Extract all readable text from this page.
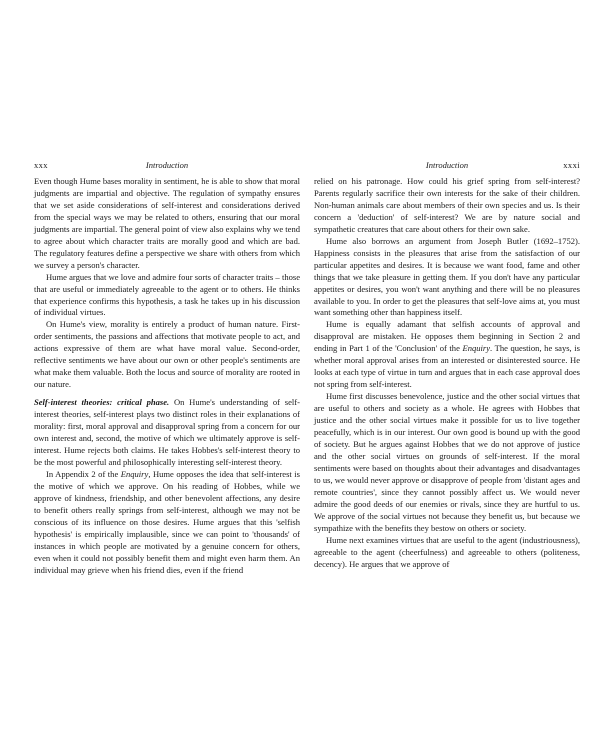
xxx	Introduction

Even though Hume bases morality in sentiment, he is able to show that moral judgments are impartial and objective. The regulation of sympathy ensures that we set aside considerations of self-interest and considerations derived from the special ways we may be related to others, ensuring that our moral judgments are impartial. The general point of view also explains why we tend to agree about which character traits are morally good and which are bad. The regulatory features define a perspective we share with others from which we survey a person's character.

Hume argues that we love and admire four sorts of character traits – those that are useful or immediately agreeable to the agent or to others. He thinks that experience confirms this hypothesis, a task he takes up in his discussion of individual virtues.

On Hume's view, morality is entirely a product of human nature. First-order sentiments, the passions and affections that motivate people to act, and actions expressive of them are what have moral value. Second-order, reflective sentiments we have about our own or other people's sentiments are what make them valuable. Both the locus and source of morality are rooted in our nature.

Self-interest theories: critical phase. On Hume's understanding of self-interest theories, self-interest plays two distinct roles in their explanations of morality: first, moral approval and disapproval spring from a concern for our own interest and, second, the motive of which we ultimately approve is self-interest. Hume rejects both claims. He takes Hobbes's self-interest theory to be the most powerful and philosophically interesting self-interest theory.

In Appendix 2 of the Enquiry, Hume opposes the idea that self-interest is the motive of which we approve. On his reading of Hobbes, while we approve of kindness, friendship, and other benevolent affections, any desire to benefit others really springs from self-interest, although we may not be conscious of its influence on those desires. Hume argues that this 'selfish hypothesis' is empirically implausible, since we can point to 'thousands' of instances in which people are motivated by a genuine concern for others, even when it could not possibly benefit them and might even harm them. An individual may grieve when his friend dies, even if the friend

Introduction	xxxi

relied on his patronage. How could his grief spring from self-interest? Parents regularly sacrifice their own interests for the sake of their children. Non-human animals care about members of their own species and us. Is their concern a 'deduction' of self-interest? We are by nature social and sympathetic creatures that care about others for their own sake.

Hume also borrows an argument from Joseph Butler (1692–1752). Happiness consists in the pleasures that arise from the satisfaction of our particular appetites and desires. It is because we want food, fame and other things that we take pleasure in getting them. If you don't have any particular appetites or desires, you won't want anything and there will be no pleasures available to you. In order to get the pleasures that self-love aims at, you must want something other than happiness itself.

Hume is equally adamant that selfish accounts of approval and disapproval are mistaken. He opposes them beginning in Section 2 and ending in Part 1 of the 'Conclusion' of the Enquiry. The question, he says, is whether moral approval arises from an interested or disinterested source. He looks at each type of virtue in turn and argues that in each case approval does not spring from self-interest.

Hume first discusses benevolence, justice and the other social virtues that are useful to others and society as a whole. He agrees with Hobbes that justice and the other social virtues make it possible for us to live together peacefully, which is in our interest. Our own good is bound up with the good of society. But he argues against Hobbes that we do not approve of justice and the other social virtues on grounds of self-interest. If the moral sentiments were based on thoughts about their advantages and disadvantages to us, we would never approve or disapprove of people from 'distant ages and remote countries', since they cannot possibly affect us. We would never admire the good deeds of our enemies or rivals, since they are hurtful to us. We approve of the social virtues not because they benefit us, but because we sympathize with the benefits they bestow on others or society.

Hume next examines virtues that are useful to the agent (industriousness), agreeable to the agent (cheerfulness) and agreeable to others (politeness, decency). He argues that we approve of
